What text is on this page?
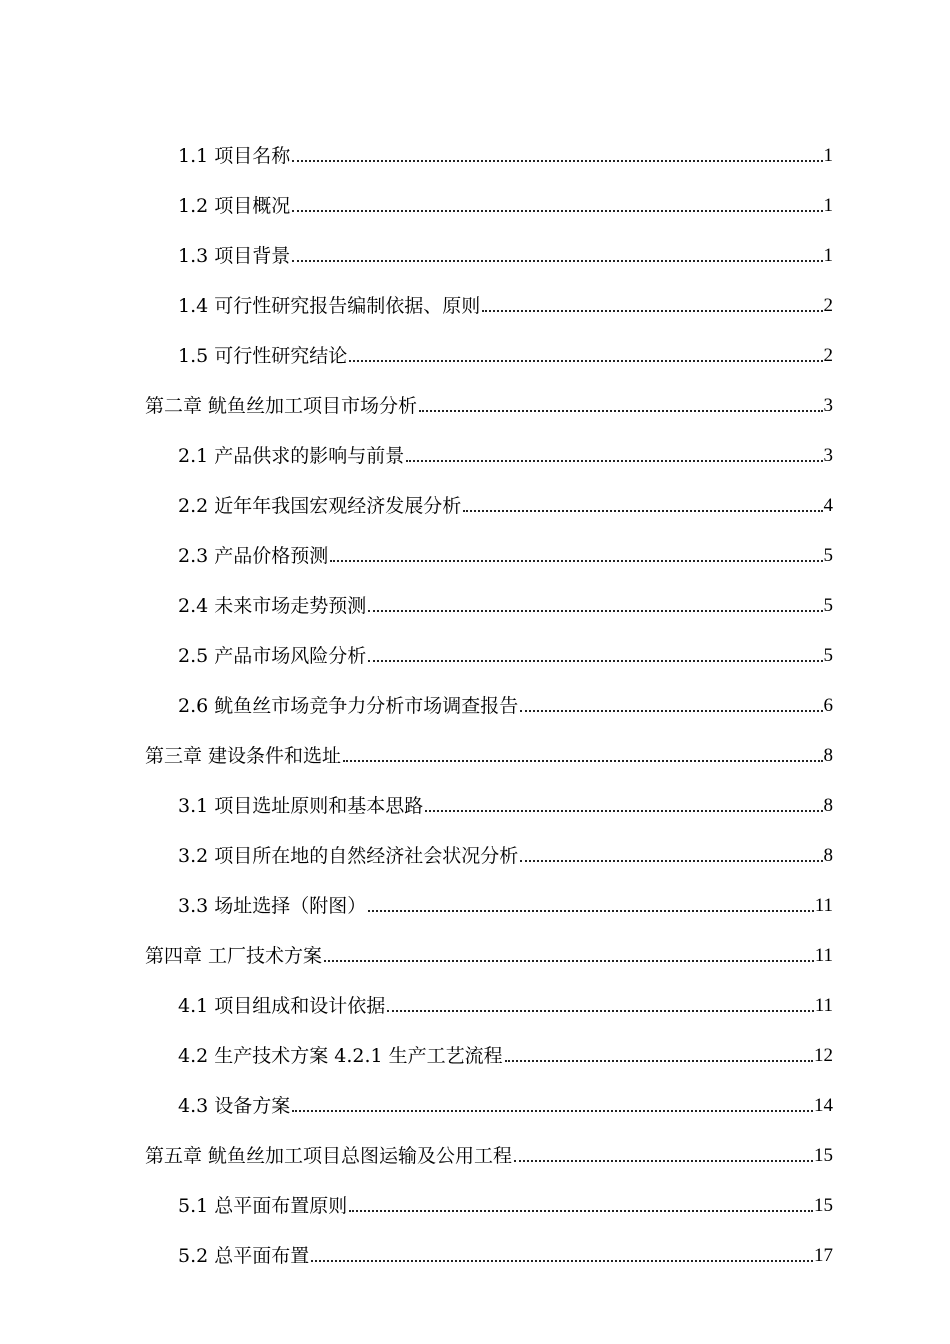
1.1 项目名称	1
1.2 项目概况	1
1.3 项目背景	1
1.4 可行性研究报告编制依据、原则	2
1.5 可行性研究结论	2
第二章 鱿鱼丝加工项目市场分析	3
2.1 产品供求的影响与前景	3
2.2 近年年我国宏观经济发展分析	4
2.3 产品价格预测	5
2.4 未来市场走势预测	5
2.5 产品市场风险分析	5
2.6 鱿鱼丝市场竞争力分析市场调查报告	6
第三章 建设条件和选址	8
3.1 项目选址原则和基本思路	8
3.2 项目所在地的自然经济社会状况分析	8
3.3 场址选择（附图）	11
第四章 工厂技术方案	11
4.1 项目组成和设计依据	11
4.2 生产技术方案 4.2.1 生产工艺流程	12
4.3 设备方案	14
第五章 鱿鱼丝加工项目总图运输及公用工程	15
5.1 总平面布置原则	15
5.2 总平面布置	17
